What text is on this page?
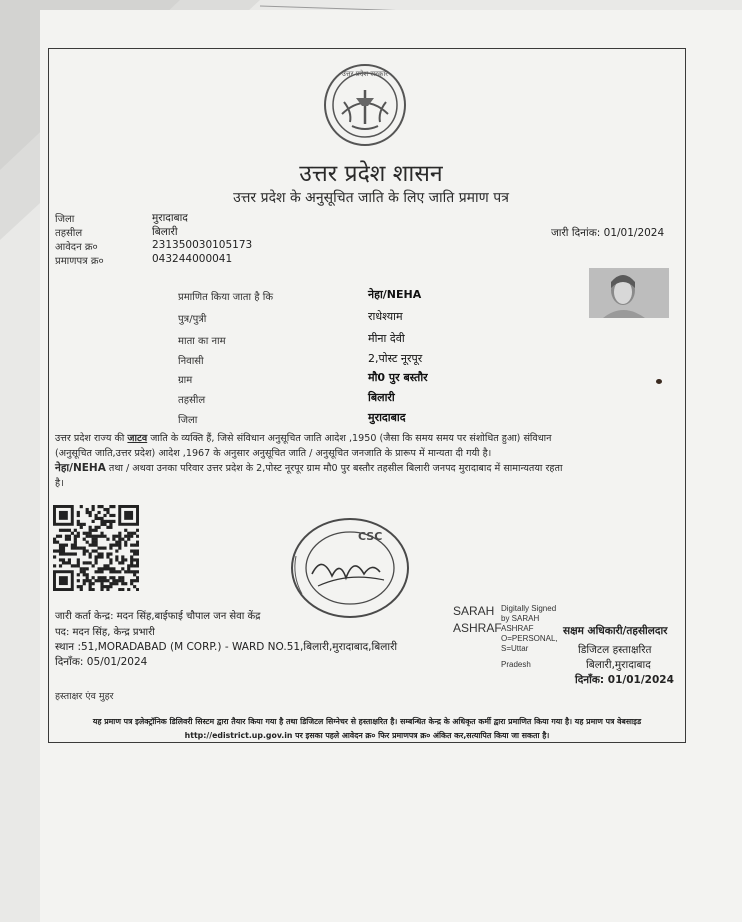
उत्तर प्रदेश सरकार
उत्तर प्रदेश शासन
उत्तर प्रदेश के अनुसूचित जाति के लिए जाति प्रमाण पत्र
जिला	मुरादाबाद
तहसील	बिलारी
आवेदन क्र०	231350030105173
प्रमाणपत्र क्र०	043244000041
जारी दिनांक: 01/01/2024
प्रमाणित किया जाता है कि	नेहा/NEHA
पुत्र/पुत्री	राधेश्याम
माता का नाम	मीना देवी
निवासी	2,पोस्ट नूरपूर
ग्राम	मौ0 पुर बस्तौर
तहसील	बिलारी
जिला	मुरादाबाद
उत्तर प्रदेश राज्य की जाटव जाति के व्यक्ति हैं, जिसे संविधान अनुसूचित जाति आदेश ,1950 (जैसा कि समय समय पर संशोधित हुआ) संविधान
(अनुसूचित जाति,उत्तर प्रदेश) आदेश ,1967 के अनुसार अनुसूचित जाति / अनुसूचित जनजाति के प्रारूप में मान्यता दी गयी है।
नेहा/NEHA तथा / अथवा उनका परिवार उत्तर प्रदेश के 2,पोस्ट नूरपूर ग्राम मौ0 पुर बस्तौर तहसील बिलारी जनपद मुरादाबाद में सामान्यतया रहता
है।
CSC
जारी कर्ता केन्द्र: मदन सिंह,बाईफाई चौपाल जन सेवा केंद्र
पद: मदन सिंह, केन्द्र प्रभारी
स्थान :51,MORADABAD (M CORP.) - WARD NO.51,बिलारी,मुरादाबाद,बिलारी
दिनाँक: 05/01/2024
SARAH
ASHRAF
Digitally Signed
by SARAH
ASHRAF
O=PERSONAL,
S=Uttar
Pradesh
सक्षम अधिकारी/तहसीलदार
डिजिटल हस्ताक्षरित
बिलारी,मुरादाबाद
दिनाँक: 01/01/2024
हस्ताक्षर एंव मुहर
यह प्रमाण पत्र इलेक्ट्रॉनिक डिलिवरी सिस्टम द्वारा तैयार किया गया है तथा डिजिटल सिग्नेचर से हस्ताक्षरित है। सम्बन्धित केन्द्र के अधिकृत कर्मी द्वारा प्रमाणित किया गया है। यह प्रमाण पत्र वेबसाइड
http://edistrict.up.gov.in पर इसका पहले आवेदन क्र० फिर प्रमाणपत्र क्र० अंकित कर,सत्यापित किया जा सकता है।
